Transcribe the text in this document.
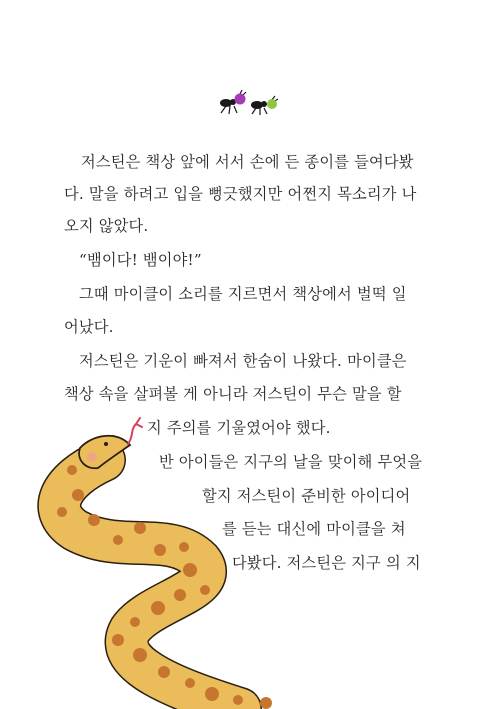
저스틴은 책상 앞에 서서 손에 든 종이를 들여다봤
다. 말을 하려고 입을 뻥긋했지만 어쩐지 목소리가 나
오지 않았다.
“뱀이다! 뱀이야!”
그때 마이클이 소리를 지르면서 책상에서 벌떡 일
어났다.
저스틴은 기운이 빠져서 한숨이 나왔다. 마이클은
책상 속을 살펴볼 게 아니라 저스틴이 무슨 말을 할
지 주의를 기울였어야 했다.
반 아이들은 지구의 날을 맞이해 무엇을
할지 저스틴이 준비한 아이디어
를 듣는 대신에 마이클을 쳐
다봤다. 저스틴은 지구 의 지
